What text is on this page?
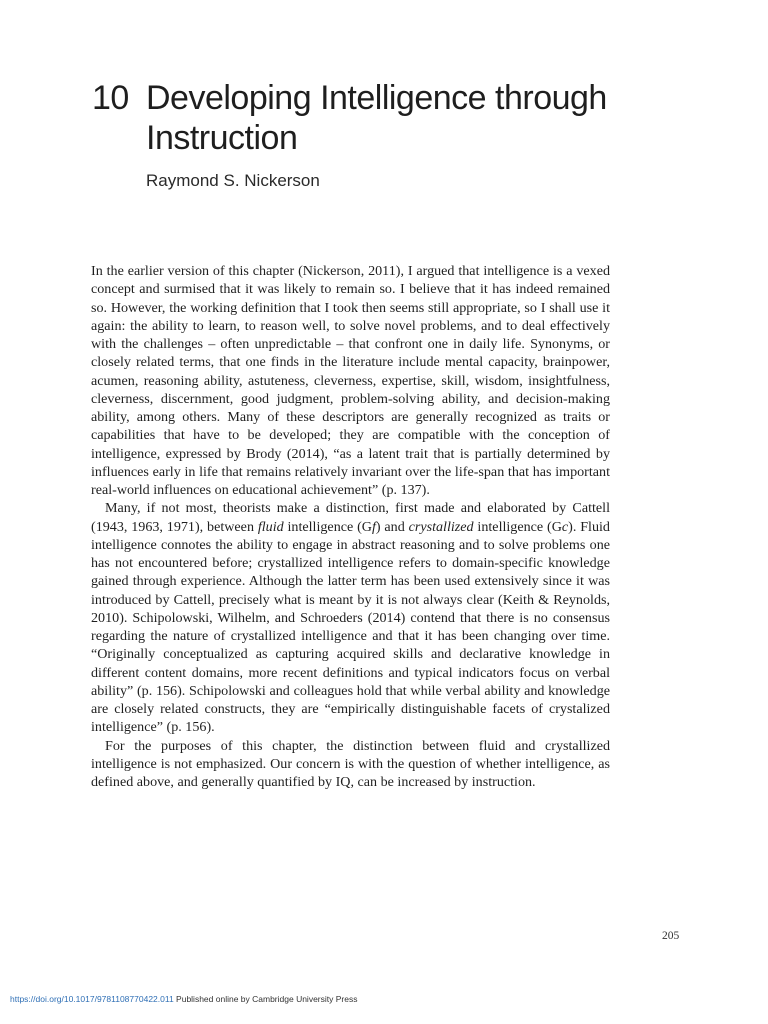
10 Developing Intelligence through Instruction
Raymond S. Nickerson

In the earlier version of this chapter (Nickerson, 2011), I argued that intelligence is a vexed concept and surmised that it was likely to remain so. I believe that it has indeed remained so. However, the working definition that I took then seems still appropriate, so I shall use it again: the ability to learn, to reason well, to solve novel problems, and to deal effectively with the challenges – often unpredictable – that confront one in daily life. Synonyms, or closely related terms, that one finds in the literature include mental capacity, brainpower, acumen, reasoning ability, astuteness, cleverness, expertise, skill, wisdom, insightfulness, cleverness, discernment, good judgment, problem-solving ability, and decision-making ability, among others. Many of these descriptors are generally recognized as traits or capabilities that have to be developed; they are compatible with the conception of intelligence, expressed by Brody (2014), “as a latent trait that is partially determined by influences early in life that remains relatively invariant over the life-span that has important real-world influences on educational achievement” (p. 137).

Many, if not most, theorists make a distinction, first made and elaborated by Cattell (1943, 1963, 1971), between fluid intelligence (Gf) and crystallized intelligence (Gc). Fluid intelligence connotes the ability to engage in abstract reasoning and to solve problems one has not encountered before; crystallized intelligence refers to domain-specific knowledge gained through experience. Although the latter term has been used extensively since it was introduced by Cattell, precisely what is meant by it is not always clear (Keith & Reynolds, 2010). Schipolowski, Wilhelm, and Schroeders (2014) contend that there is no consensus regarding the nature of crystallized intelligence and that it has been changing over time. “Originally conceptualized as capturing acquired skills and declarative knowledge in different content domains, more recent definitions and typical indicators focus on verbal ability” (p. 156). Schipolowski and colleagues hold that while verbal ability and knowledge are closely related constructs, they are “empirically distinguishable facets of crystalized intelligence” (p. 156).

For the purposes of this chapter, the distinction between fluid and crystallized intelligence is not emphasized. Our concern is with the question of whether intelligence, as defined above, and generally quantified by IQ, can be increased by instruction.

205
https://doi.org/10.1017/9781108770422.011 Published online by Cambridge University Press
